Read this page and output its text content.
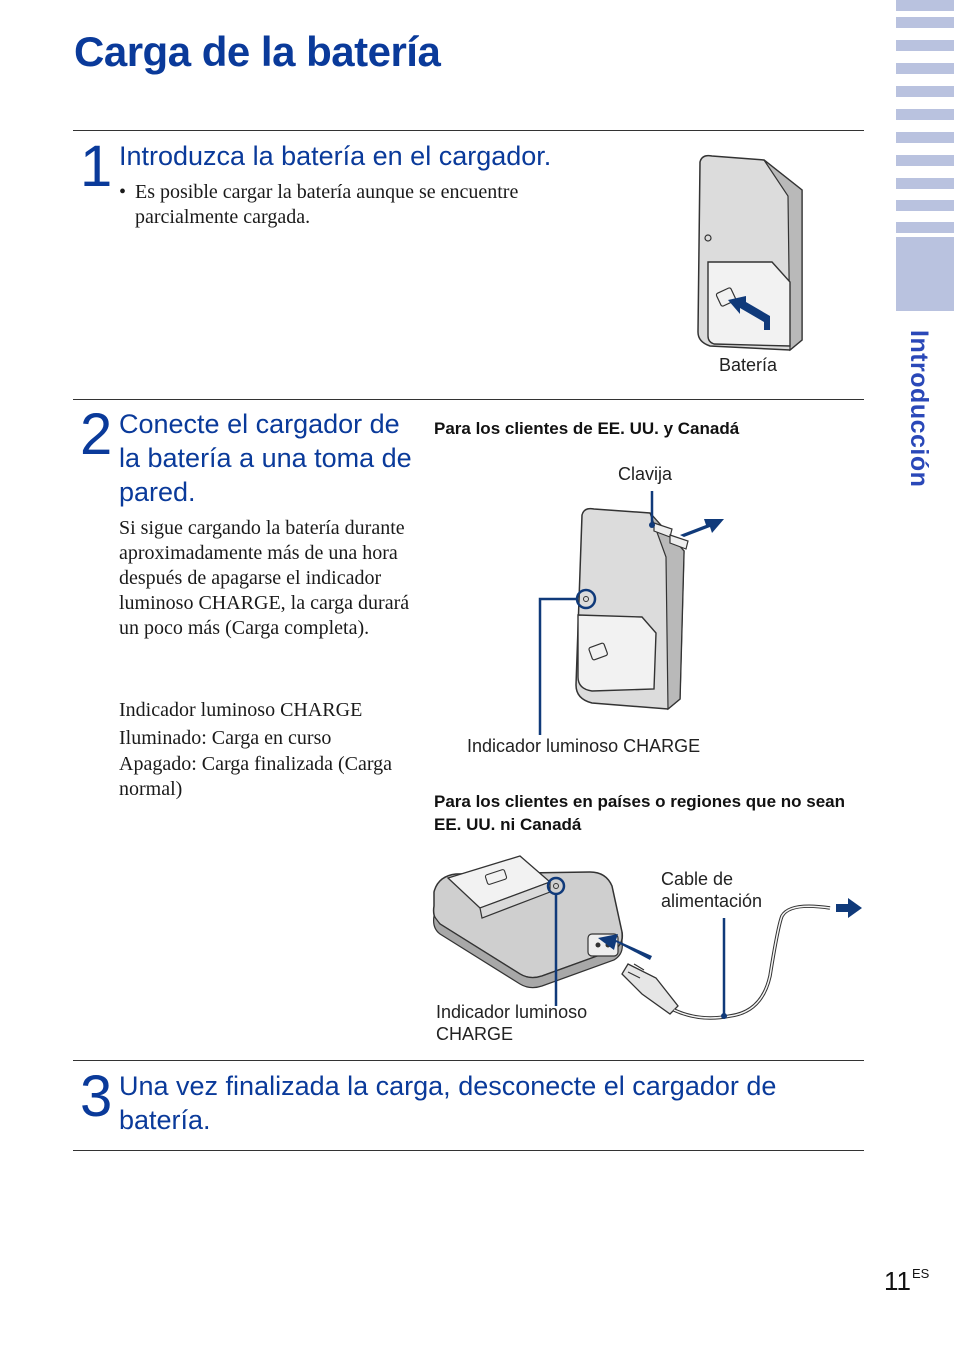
Introducción
Carga de la batería
1 Introduzca la batería en el cargador.
• Es posible cargar la batería aunque se encuentre parcialmente cargada.
Batería
2 Conecte el cargador de la batería a una toma de pared.

Si sigue cargando la batería durante aproximadamente más de una hora después de apagarse el indicador luminoso CHARGE, la carga durará un poco más (Carga completa).

Indicador luminoso CHARGE
Iluminado: Carga en curso
Apagado: Carga finalizada (Carga normal)
Para los clientes de EE. UU. y Canadá
Clavija
Indicador luminoso CHARGE
Para los clientes en países o regiones que no sean EE. UU. ni Canadá
Cable de alimentación
Indicador luminoso CHARGE
3 Una vez finalizada la carga, desconecte el cargador de batería.
$11^{ES}$
